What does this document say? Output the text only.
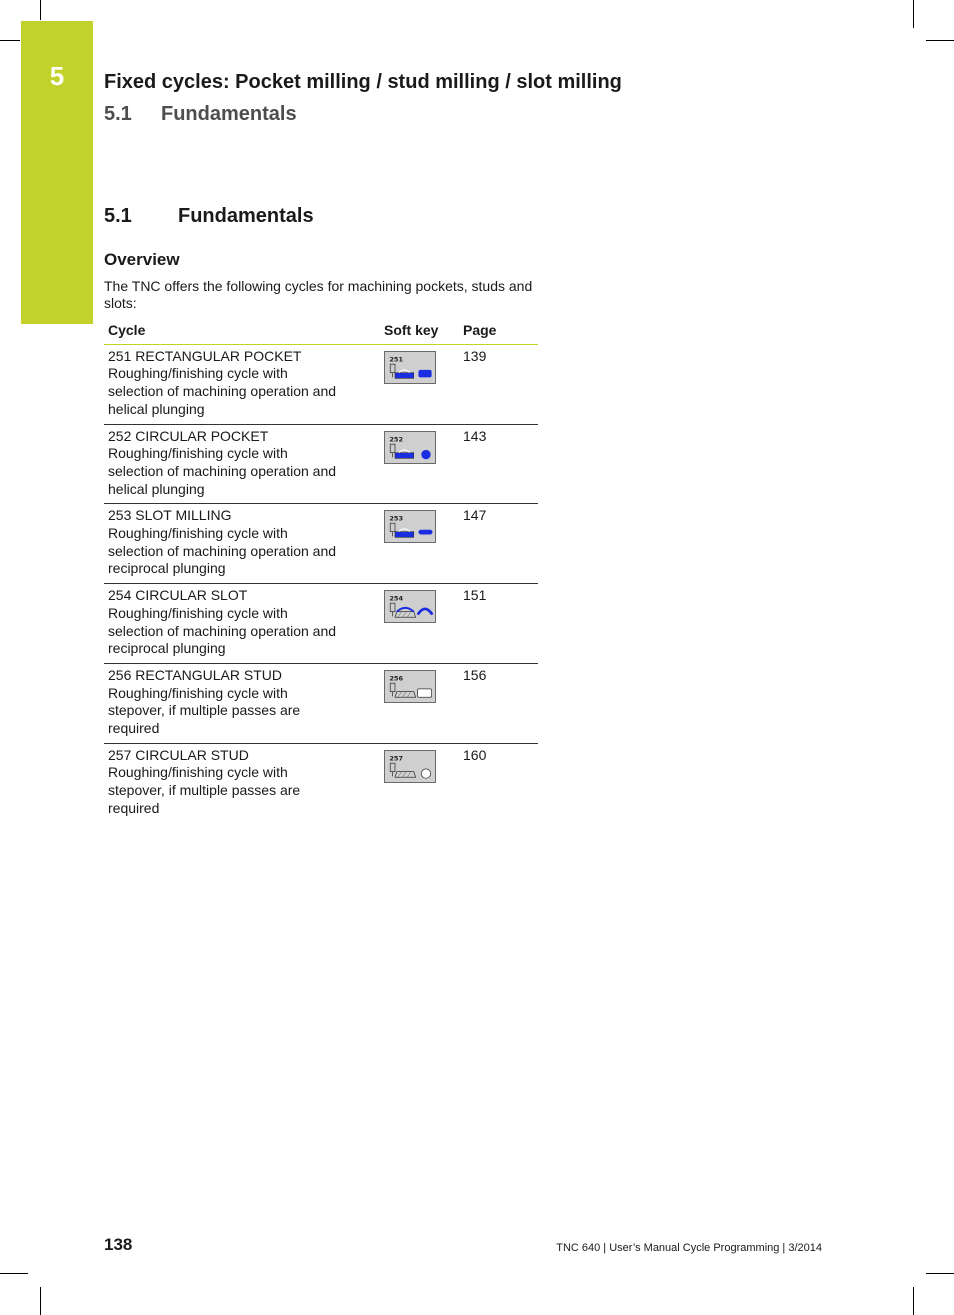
5	Fixed cycles: Pocket milling / stud milling / slot milling
5.1 Fundamentals
5.1 Fundamentals
Overview
The TNC offers the following cycles for machining pockets, studs and slots:
Cycle	Soft key	Page

251 RECTANGULAR POCKET
Roughing/finishing cycle with
selection of machining operation and
helical plunging	251	139

252 CIRCULAR POCKET
Roughing/finishing cycle with
selection of machining operation and
helical plunging	252	143

253 SLOT MILLING
Roughing/finishing cycle with
selection of machining operation and
reciprocal plunging	253	147

254 CIRCULAR SLOT
Roughing/finishing cycle with
selection of machining operation and
reciprocal plunging	254	151

256 RECTANGULAR STUD
Roughing/finishing cycle with
stepover, if multiple passes are
required	256	156

257 CIRCULAR STUD
Roughing/finishing cycle with
stepover, if multiple passes are
required	257	160
138	TNC 640 | User’s Manual Cycle Programming | 3/2014
